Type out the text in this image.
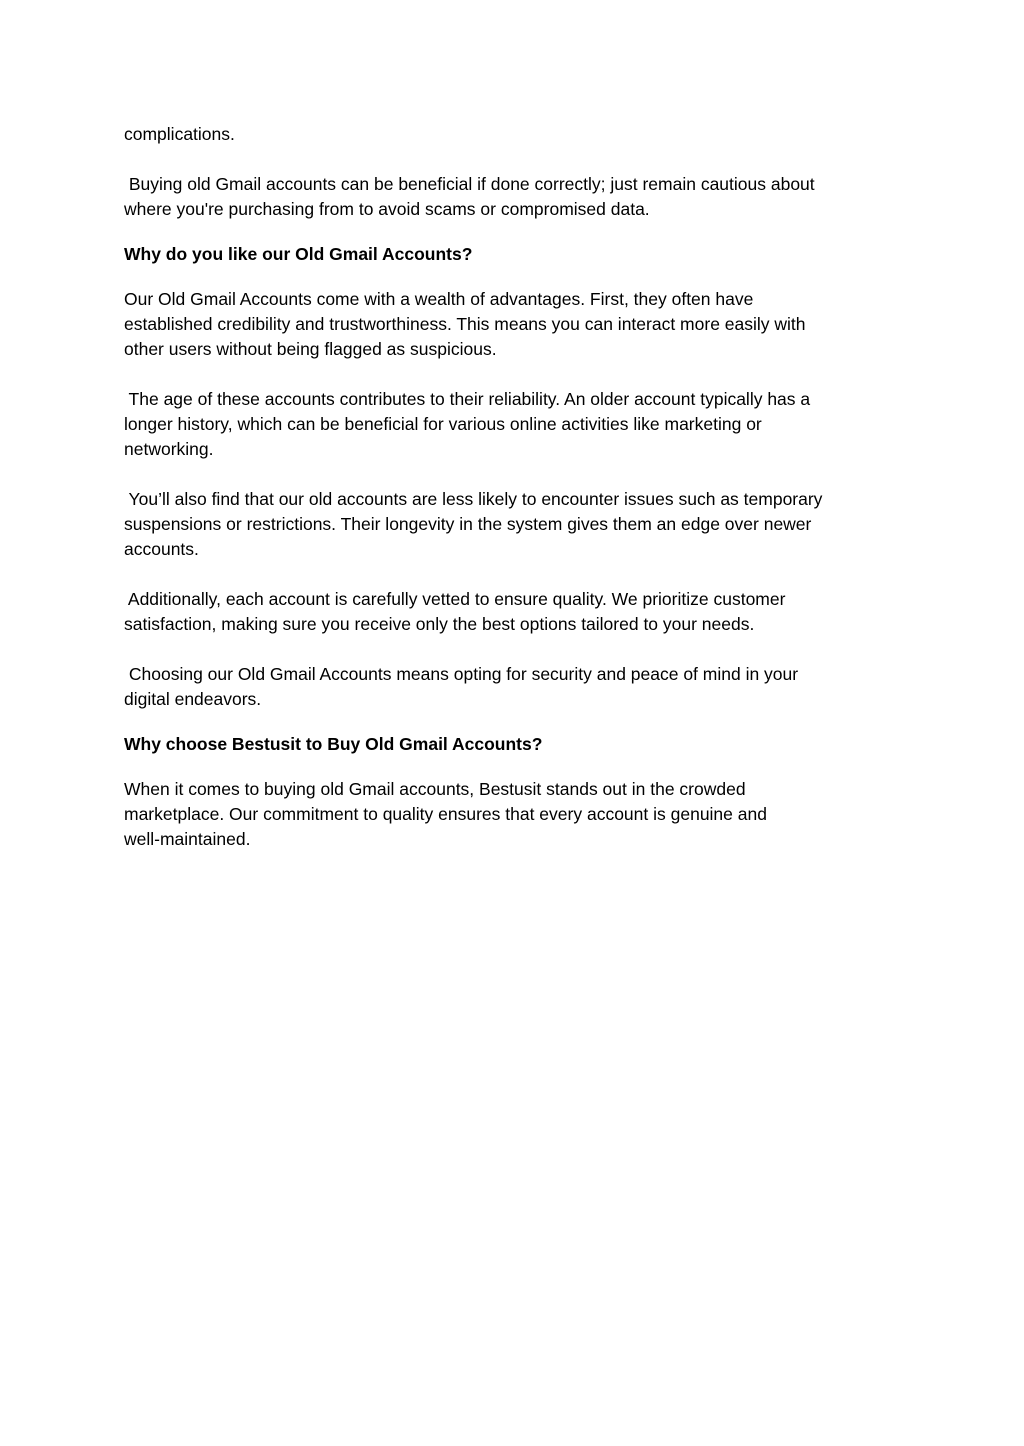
complications.

Buying old Gmail accounts can be beneficial if done correctly; just remain cautious about
where you're purchasing from to avoid scams or compromised data.

Why do you like our Old Gmail Accounts?

Our Old Gmail Accounts come with a wealth of advantages. First, they often have
established credibility and trustworthiness. This means you can interact more easily with
other users without being flagged as suspicious.

The age of these accounts contributes to their reliability. An older account typically has a
longer history, which can be beneficial for various online activities like marketing or
networking.

You’ll also find that our old accounts are less likely to encounter issues such as temporary
suspensions or restrictions. Their longevity in the system gives them an edge over newer
accounts.

Additionally, each account is carefully vetted to ensure quality. We prioritize customer
satisfaction, making sure you receive only the best options tailored to your needs.

Choosing our Old Gmail Accounts means opting for security and peace of mind in your
digital endeavors.

Why choose Bestusit to Buy Old Gmail Accounts?

When it comes to buying old Gmail accounts, Bestusit stands out in the crowded
marketplace. Our commitment to quality ensures that every account is genuine and
well-maintained.
